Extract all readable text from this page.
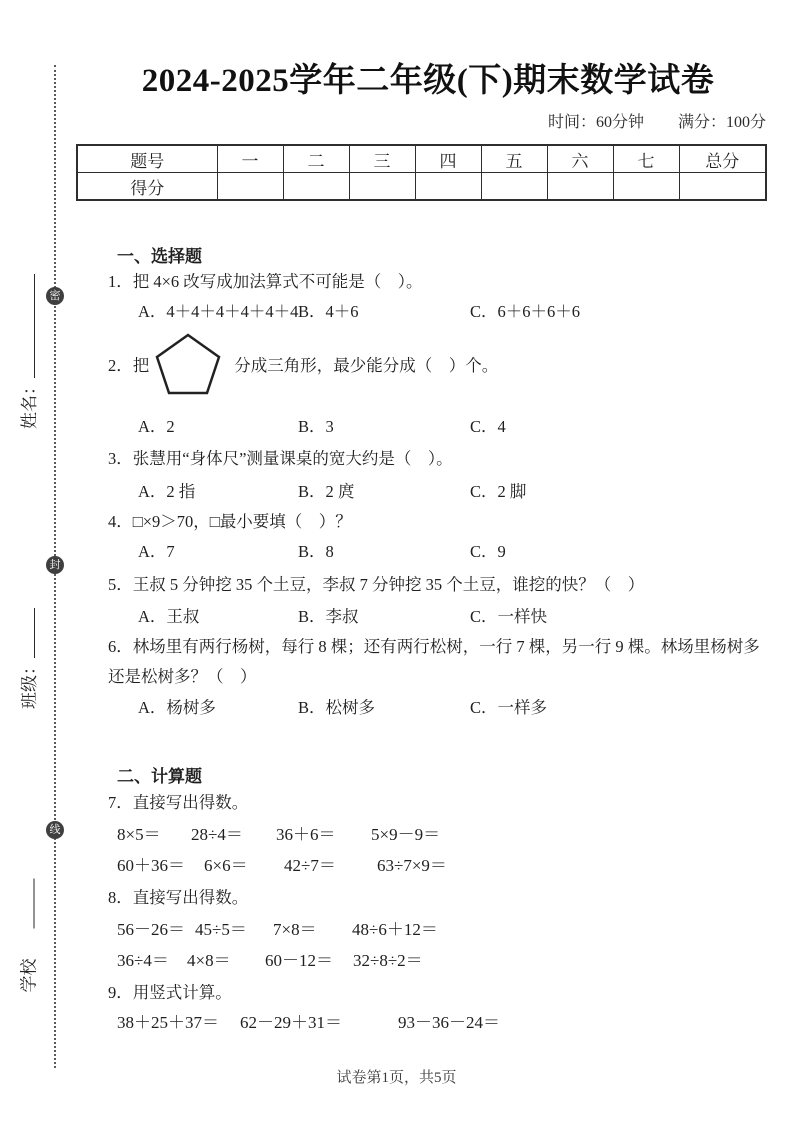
密
封
线
姓名：
班级：
学校
2024-2025学年二年级(下)期末数学试卷
时间：60分钟 满分：100分
题号	一	二	三	四	五	六	七	总分
得分								
一、选择题
1．把 4×6 改写成加法算式不可能是（　）。
A．4＋4＋4＋4＋4＋4 B．4＋6	C．6＋6＋6＋6
2． 把	分成三角形，最少能分成（　）个。
A．2	B．3	C．4
3．张慧用“身体尺”测量课桌的宽大约是（　）。
A．2 指	B．2 庹	C．2 脚
4．□×9＞70，□最小要填（　）？
A．7	B．8	C．9
5．王叔 5 分钟挖 35 个土豆，李叔 7 分钟挖 35 个土豆，谁挖的快？（　）
A．王叔	B．李叔	C．一样快
6．林场里有两行杨树，每行 8 棵；还有两行松树，一行 7 棵，另一行 9 棵。林场里杨树多
还是松树多？（　）
A．杨树多	B．松树多	C．一样多
二、计算题
7．直接写出得数。
8×5＝	28÷4＝	36＋6＝	5×9－9＝
60＋36＝	6×6＝	42÷7＝	63÷7×9＝
8．直接写出得数。
56－26＝ 45÷5＝	7×8＝	48÷6＋12＝
36÷4＝	4×8＝	60－12＝	32÷8÷2＝
9．用竖式计算。
38＋25＋37＝	62－29＋31＝	93－36－24＝
试卷第1页，共5页
